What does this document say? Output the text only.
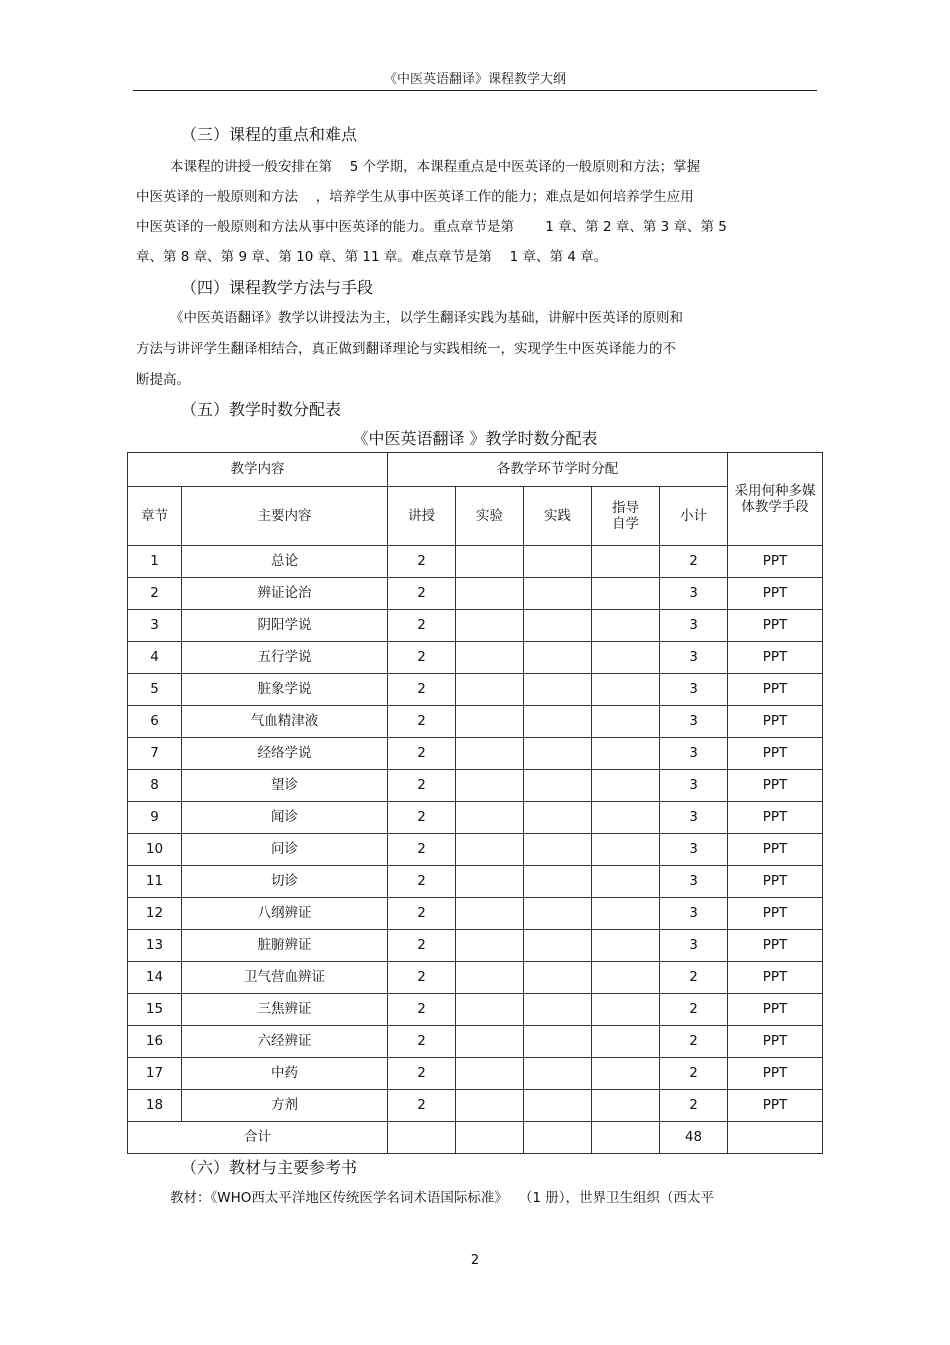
《中医英语翻译》课程教学大纲
（三）课程的重点和难点
本课程的讲授一般安排在第　 5 个学期，本课程重点是中医英译的一般原则和方法；掌握
中医英译的一般原则和方法　 ，培养学生从事中医英译工作的能力；难点是如何培养学生应用
中医英译的一般原则和方法从事中医英译的能力。重点章节是第　　 1 章、第 2 章、第 3 章、第 5
章、第 8 章、第 9 章、第 10 章、第 11 章。难点章节是第　 1 章、第 4 章。
（四）课程教学方法与手段
《中医英语翻译》教学以讲授法为主，以学生翻译实践为基础，讲解中医英译的原则和
方法与讲评学生翻译相结合，真正做到翻译理论与实践相统一，实现学生中医英译能力的不
断提高。
（五）教学时数分配表
《中医英语翻译 》教学时数分配表
教学内容		各教学环节学时分配					采用何种多媒体教学手段
章节	主要内容	讲授	实验	实践	指导自学	小计	
1	总论	2				2	PPT
2	辨证论治	2				3	PPT
3	阴阳学说	2				3	PPT
4	五行学说	2				3	PPT
5	脏象学说	2				3	PPT
6	气血精津液	2				3	PPT
7	经络学说	2				3	PPT
8	望诊	2				3	PPT
9	闻诊	2				3	PPT
10	问诊	2				3	PPT
11	切诊	2				3	PPT
12	八纲辨证	2				3	PPT
13	脏腑辨证	2				3	PPT
14	卫气营血辨证	2				2	PPT
15	三焦辨证	2				2	PPT
16	六经辨证	2				2	PPT
17	中药	2				2	PPT
18	方剂	2				2	PPT
合计						48	
（六）教材与主要参考书
教材：《WHO西太平洋地区传统医学名词术语国际标准》　 （1 册），世界卫生组织（西太平
2
